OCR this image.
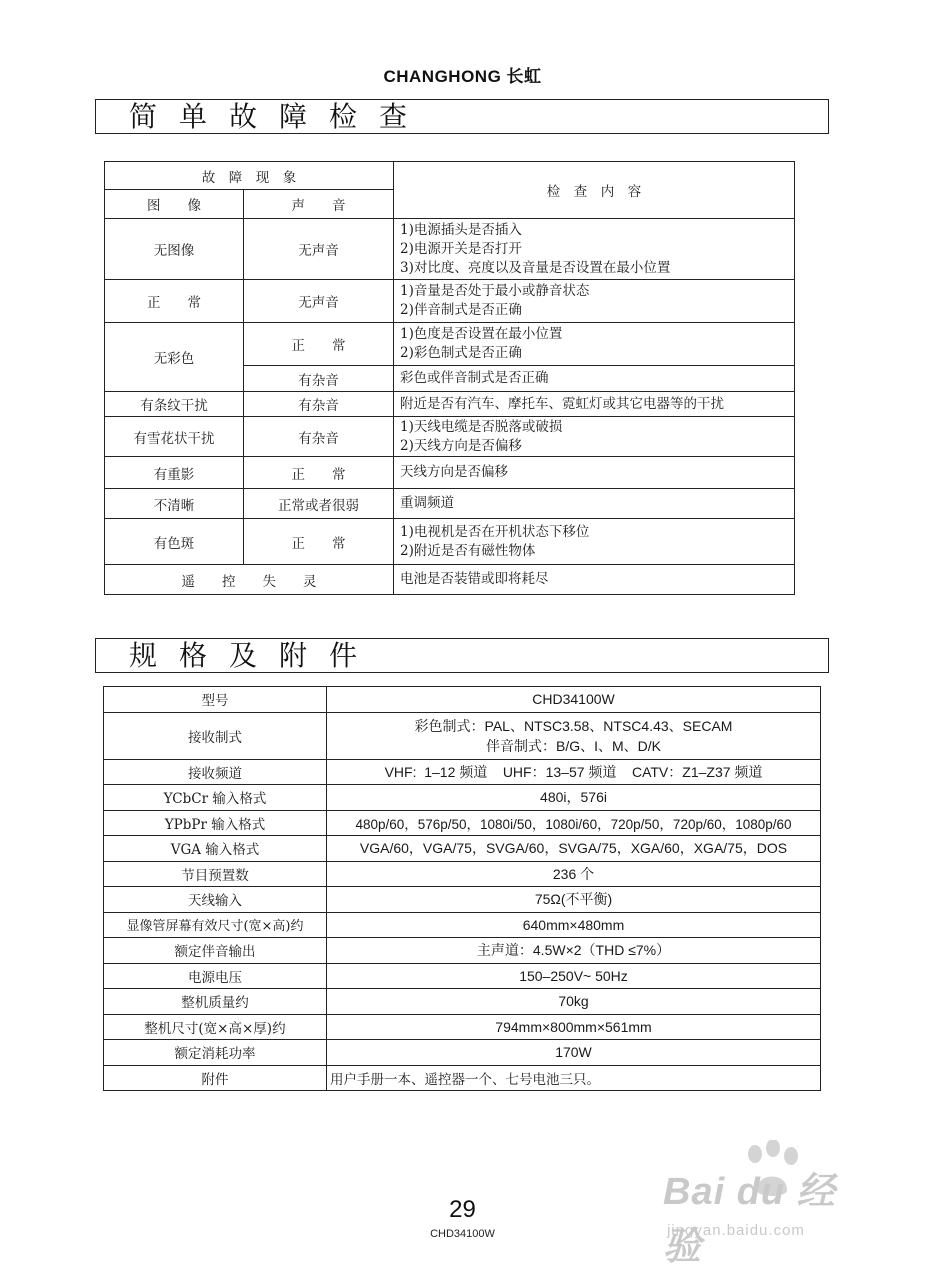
CHANGHONG 长虹
简单故障检查
故　障　现　象		检　查　内　容
图　　像	声　　音	
无图像	无声音	1)电源插头是否插入
2)电源开关是否打开
3)对比度、亮度以及音量是否设置在最小位置

正　　常	无声音	1)音量是否处于最小或静音状态
2)伴音制式是否正确

无彩色	正　　常	1)色度是否设置在最小位置
2)彩色制式是否正确

	有杂音	彩色或伴音制式是否正确
有条纹干扰	有杂音	附近是否有汽车、摩托车、霓虹灯或其它电器等的干扰
有雪花状干扰	有杂音	1)天线电缆是否脱落或破损
2)天线方向是否偏移

有重影	正　　常	天线方向是否偏移
不清晰	正常或者很弱	重调频道
有色斑	正　　常	1)电视机是否在开机状态下移位
2)附近是否有磁性物体

遥　　控　　失　　灵		电池是否装错或即将耗尽
规格及附件
型号	CHD34100W
接收制式	彩色制式：PAL、NTSC3.58、NTSC4.43、SECAM
伴音制式：B/G、I、M、D/K

接收频道	VHF:  1–12 频道    UHF：13–57 频道    CATV：Z1–Z37 频道
YCbCr 输入格式	480i，576i
YPbPr 输入格式	480p/60，576p/50，1080i/50，1080i/60，720p/50，720p/60，1080p/60
VGA 输入格式	VGA/60，VGA/75，SVGA/60，SVGA/75，XGA/60，XGA/75，DOS
节目预置数	236 个
天线输入	75Ω(不平衡)
显像管屏幕有效尺寸(宽×高)约	640mm×480mm
额定伴音输出	主声道：4.5W×2（THD ≤7%）
电源电压	150–250V~ 50Hz
整机质量约	70kg
整机尺寸(宽×高×厚)约	794mm×800mm×561mm
额定消耗功率	170W
附件	用户手册一本、遥控器一个、七号电池三只。
29
CHD34100W
Bai du 经验
jingyan.baidu.com
